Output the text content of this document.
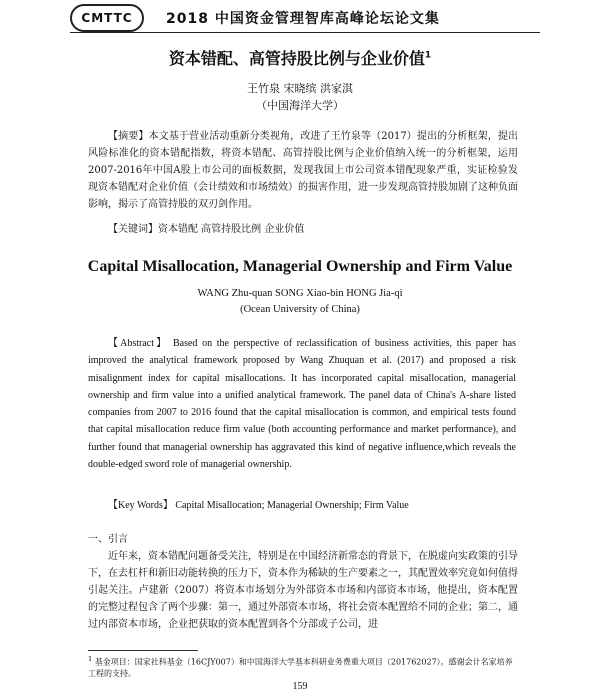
CMTTC	2018 中国资金管理智库高峰论坛论文集
资本错配、高管持股比例与企业价值$^1$
王竹泉 宋晓缤 洪家淇
（中国海洋大学）
【摘要】本文基于营业活动重新分类视角，改进了王竹泉等（2017）提出的分析框架，提出风险标准化的资本错配指数，将资本错配、高管持股比例与企业价值纳入统一的分析框架，运用2007-2016年中国A股上市公司的面板数据，发现我国上市公司资本错配现象严重，实证检验发现资本错配对企业价值（会计绩效和市场绩效）的损害作用，进一步发现高管持股加剧了这种负面影响，揭示了高管持股的双刃剑作用。
【关键词】资本错配 高管持股比例 企业价值
Capital Misallocation, Managerial Ownership and Firm Value
WANG Zhu-quan SONG Xiao-bin HONG Jia-qi
(Ocean University of China)
【Abstract】 Based on the perspective of reclassification of business activities, this paper has improved the analytical framework proposed by Wang Zhuquan et al. (2017) and proposed a risk misalignment index for capital misallocations. It has incorporated capital misallocation, managerial ownership and firm value into a unified analytical framework. The panel data of China's A-share listed companies from 2007 to 2016 found that the capital misallocation is common, and empirical tests found that capital misallocation reduce firm value (both accounting performance and market performance), and further found that managerial ownership has aggravated this kind of negative influence,which reveals the double-edged sword role of managerial ownership.
【Key Words】 Capital Misallocation; Managerial Ownership; Firm Value
一、引言
近年来，资本错配问题备受关注，特别是在中国经济新常态的背景下，在脱虚向实政策的引导下，在去杠杆和新旧动能转换的压力下，资本作为稀缺的生产要素之一，其配置效率究竟如何值得引起关注。卢建新（2007）将资本市场划分为外部资本市场和内部资本市场，他提出，资本配置的完整过程包含了两个步骤：第一，通过外部资本市场，将社会资本配置给不同的企业；第二，通过内部资本市场，企业把获取的资本配置到各个分部或子公司，进
$^1$ 基金项目：国家社科基金（16CJY007）和中国海洋大学基本科研业务费重大项目（201762027）。感谢会计名家培养工程的支持。
159
